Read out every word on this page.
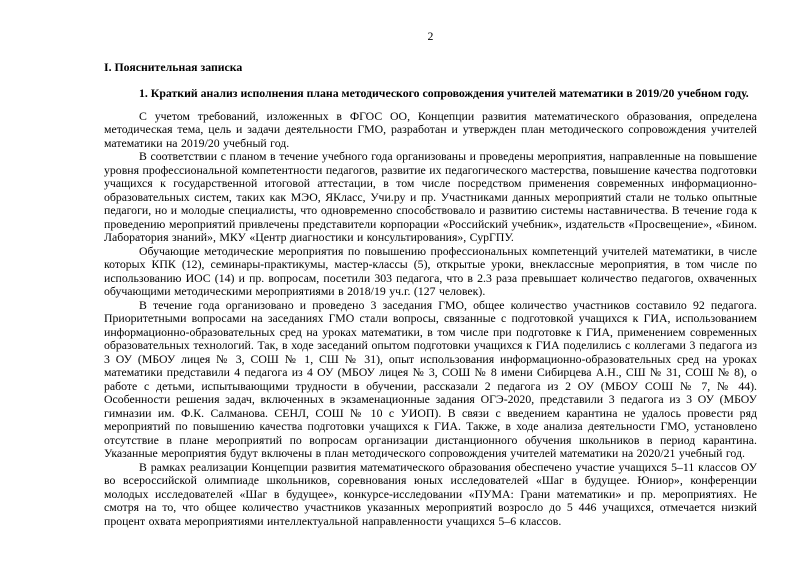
2
I. Пояснительная записка
1. Краткий анализ исполнения плана методического сопровождения учителей математики в 2019/20 учебном году.

С учетом требований, изложенных в ФГОС ОО, Концепции развития математического образования, определена методическая тема, цель и задачи деятельности ГМО, разработан и утвержден план методического сопровождения учителей математики на 2019/20 учебный год.

В соответствии с планом в течение учебного года организованы и проведены мероприятия, направленные на повышение уровня профессиональной компетентности педагогов, развитие их педагогического мастерства, повышение качества подготовки учащихся к государственной итоговой аттестации, в том числе посредством применения современных информационно-образовательных систем, таких как МЭО, ЯКласс, Учи.ру и пр. Участниками данных мероприятий стали не только опытные педагоги, но и молодые специалисты, что одновременно способствовало и развитию системы наставничества. В течение года к проведению мероприятий привлечены представители корпорации «Российский учебник», издательств «Просвещение», «Бином. Лаборатория знаний», МКУ «Центр диагностики и консультирования», СурГПУ.

Обучающие методические мероприятия по повышению профессиональных компетенций учителей математики, в числе которых КПК (12), семинары-практикумы, мастер-классы (5), открытые уроки, внеклассные мероприятия, в том числе по использованию ИОС (14) и пр. вопросам, посетили 303 педагога, что в 2.3 раза превышает количество педагогов, охваченных обучающими методическими мероприятиями в 2018/19 уч.г. (127 человек).

В течение года организовано и проведено 3 заседания ГМО, общее количество участников составило 92 педагога. Приоритетными вопросами на заседаниях ГМО стали вопросы, связанные с подготовкой учащихся к ГИА, использованием информационно-образовательных сред на уроках математики, в том числе при подготовке к ГИА, применением современных образовательных технологий. Так, в ходе заседаний опытом подготовки учащихся к ГИА поделились с коллегами 3 педагога из 3 ОУ (МБОУ лицея № 3, СОШ № 1, СШ № 31), опыт использования информационно-образовательных сред на уроках математики представили 4 педагога из 4 ОУ (МБОУ лицея № 3, СОШ № 8 имени Сибирцева А.Н., СШ № 31, СОШ № 8), о работе с детьми, испытывающими трудности в обучении, рассказали 2 педагога из 2 ОУ (МБОУ СОШ № 7, № 44). Особенности решения задач, включенных в экзаменационные задания ОГЭ-2020, представили 3 педагога из 3 ОУ (МБОУ гимназии им. Ф.К. Салманова. СЕНЛ, СОШ № 10 с УИОП). В связи с введением карантина не удалось провести ряд мероприятий по повышению качества подготовки учащихся к ГИА. Также, в ходе анализа деятельности ГМО, установлено отсутствие в плане мероприятий по вопросам организации дистанционного обучения школьников в период карантина. Указанные мероприятия будут включены в план методического сопровождения учителей математики на 2020/21 учебный год.

В рамках реализации Концепции развития математического образования обеспечено участие учащихся 5–11 классов ОУ во всероссийской олимпиаде школьников, соревнования юных исследователей «Шаг в будущее. Юниор», конференции молодых исследователей «Шаг в будущее», конкурсе-исследовании «ПУМА: Грани математики» и пр. мероприятиях. Не смотря на то, что общее количество участников указанных мероприятий возросло до 5 446 учащихся, отмечается низкий процент охвата мероприятиями интеллектуальной направленности учащихся 5–6 классов.
